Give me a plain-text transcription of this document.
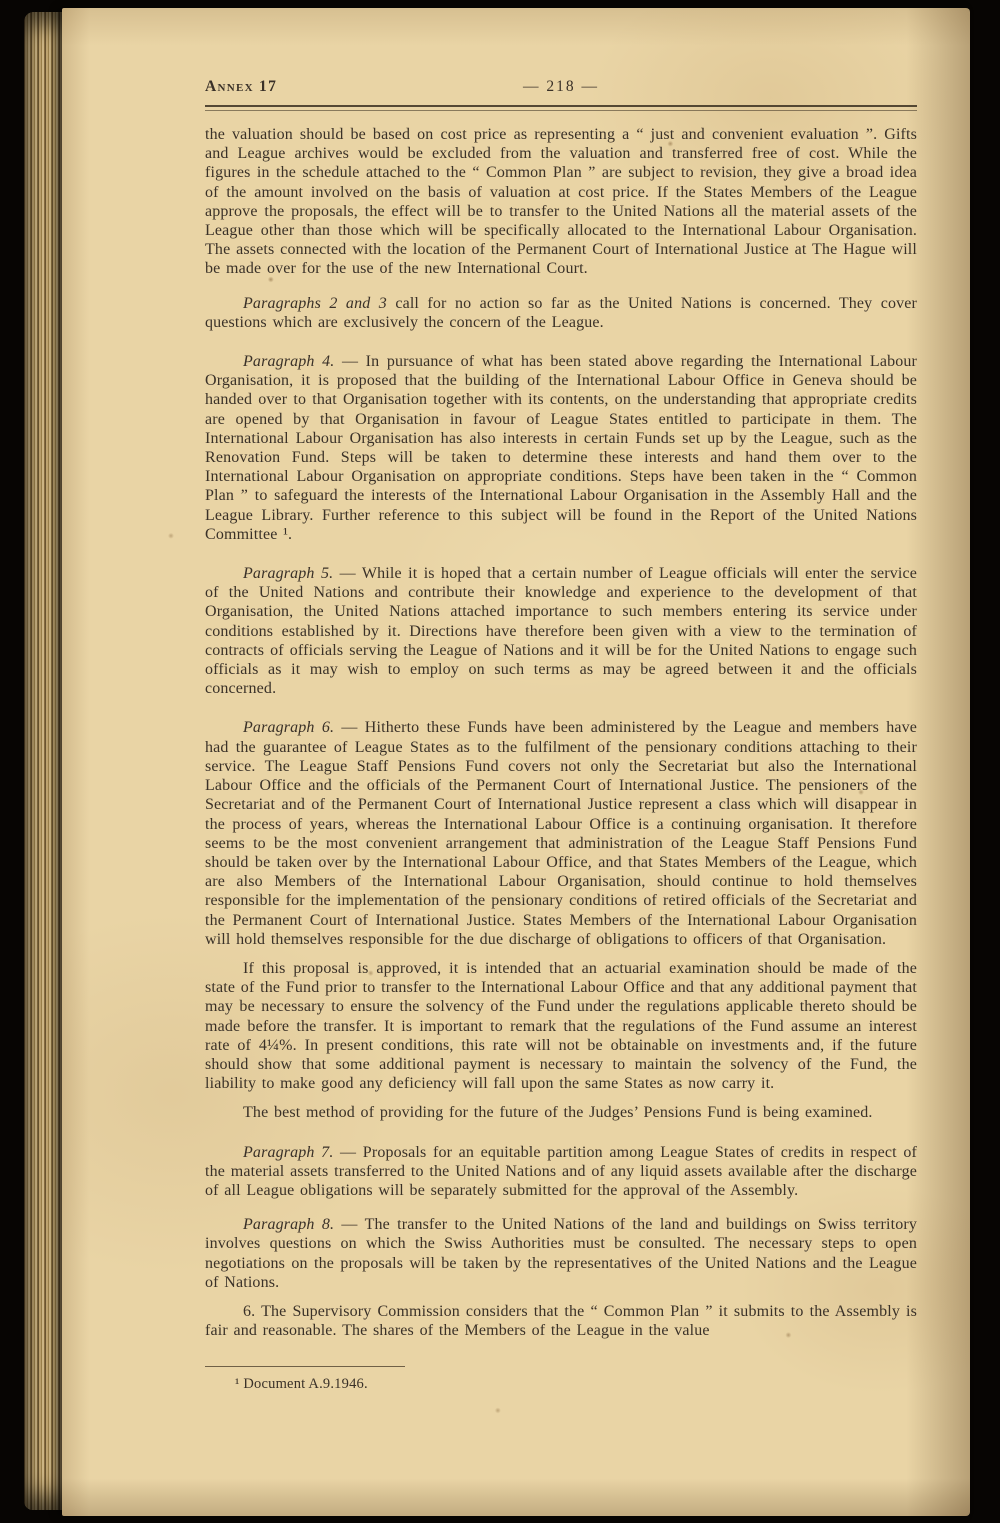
Annex 17	— 218 —
the valuation should be based on cost price as representing a “ just and convenient evaluation ”. Gifts and League archives would be excluded from the valuation and transferred free of cost. While the figures in the schedule attached to the “ Common Plan ” are subject to revision, they give a broad idea of the amount involved on the basis of valuation at cost price. If the States Members of the League approve the proposals, the effect will be to transfer to the United Nations all the material assets of the League other than those which will be specifically allocated to the International Labour Organisation. The assets connected with the location of the Permanent Court of International Justice at The Hague will be made over for the use of the new International Court.
Paragraphs 2 and 3 call for no action so far as the United Nations is concerned. They cover questions which are exclusively the concern of the League.
Paragraph 4. — In pursuance of what has been stated above regarding the International Labour Organisation, it is proposed that the building of the International Labour Office in Geneva should be handed over to that Organisation together with its contents, on the understanding that appropriate credits are opened by that Organisation in favour of League States entitled to participate in them. The International Labour Organisation has also interests in certain Funds set up by the League, such as the Renovation Fund. Steps will be taken to determine these interests and hand them over to the International Labour Organisation on appropriate conditions. Steps have been taken in the “ Common Plan ” to safeguard the interests of the International Labour Organisation in the Assembly Hall and the League Library. Further reference to this subject will be found in the Report of the United Nations Committee ¹.
Paragraph 5. — While it is hoped that a certain number of League officials will enter the service of the United Nations and contribute their knowledge and experience to the development of that Organisation, the United Nations attached importance to such members entering its service under conditions established by it. Directions have therefore been given with a view to the termination of contracts of officials serving the League of Nations and it will be for the United Nations to engage such officials as it may wish to employ on such terms as may be agreed between it and the officials concerned.
Paragraph 6. — Hitherto these Funds have been administered by the League and members have had the guarantee of League States as to the fulfilment of the pensionary conditions attaching to their service. The League Staff Pensions Fund covers not only the Secretariat but also the International Labour Office and the officials of the Permanent Court of International Justice. The pensioners of the Secretariat and of the Permanent Court of International Justice represent a class which will disappear in the process of years, whereas the International Labour Office is a continuing organisation. It therefore seems to be the most convenient arrangement that administration of the League Staff Pensions Fund should be taken over by the International Labour Office, and that States Members of the League, which are also Members of the International Labour Organisation, should continue to hold themselves responsible for the implementation of the pensionary conditions of retired officials of the Secretariat and the Permanent Court of International Justice. States Members of the International Labour Organisation will hold themselves responsible for the due discharge of obligations to officers of that Organisation.
If this proposal is approved, it is intended that an actuarial examination should be made of the state of the Fund prior to transfer to the International Labour Office and that any additional payment that may be necessary to ensure the solvency of the Fund under the regulations applicable thereto should be made before the transfer. It is important to remark that the regulations of the Fund assume an interest rate of 4¼%. In present conditions, this rate will not be obtainable on investments and, if the future should show that some additional payment is necessary to maintain the solvency of the Fund, the liability to make good any deficiency will fall upon the same States as now carry it.
The best method of providing for the future of the Judges’ Pensions Fund is being examined.
Paragraph 7. — Proposals for an equitable partition among League States of credits in respect of the material assets transferred to the United Nations and of any liquid assets available after the discharge of all League obligations will be separately submitted for the approval of the Assembly.
Paragraph 8. — The transfer to the United Nations of the land and buildings on Swiss territory involves questions on which the Swiss Authorities must be consulted. The necessary steps to open negotiations on the proposals will be taken by the representatives of the United Nations and the League of Nations.
6. The Supervisory Commission considers that the “ Common Plan ” it submits to the Assembly is fair and reasonable. The shares of the Members of the League in the value
¹ Document A.9.1946.
